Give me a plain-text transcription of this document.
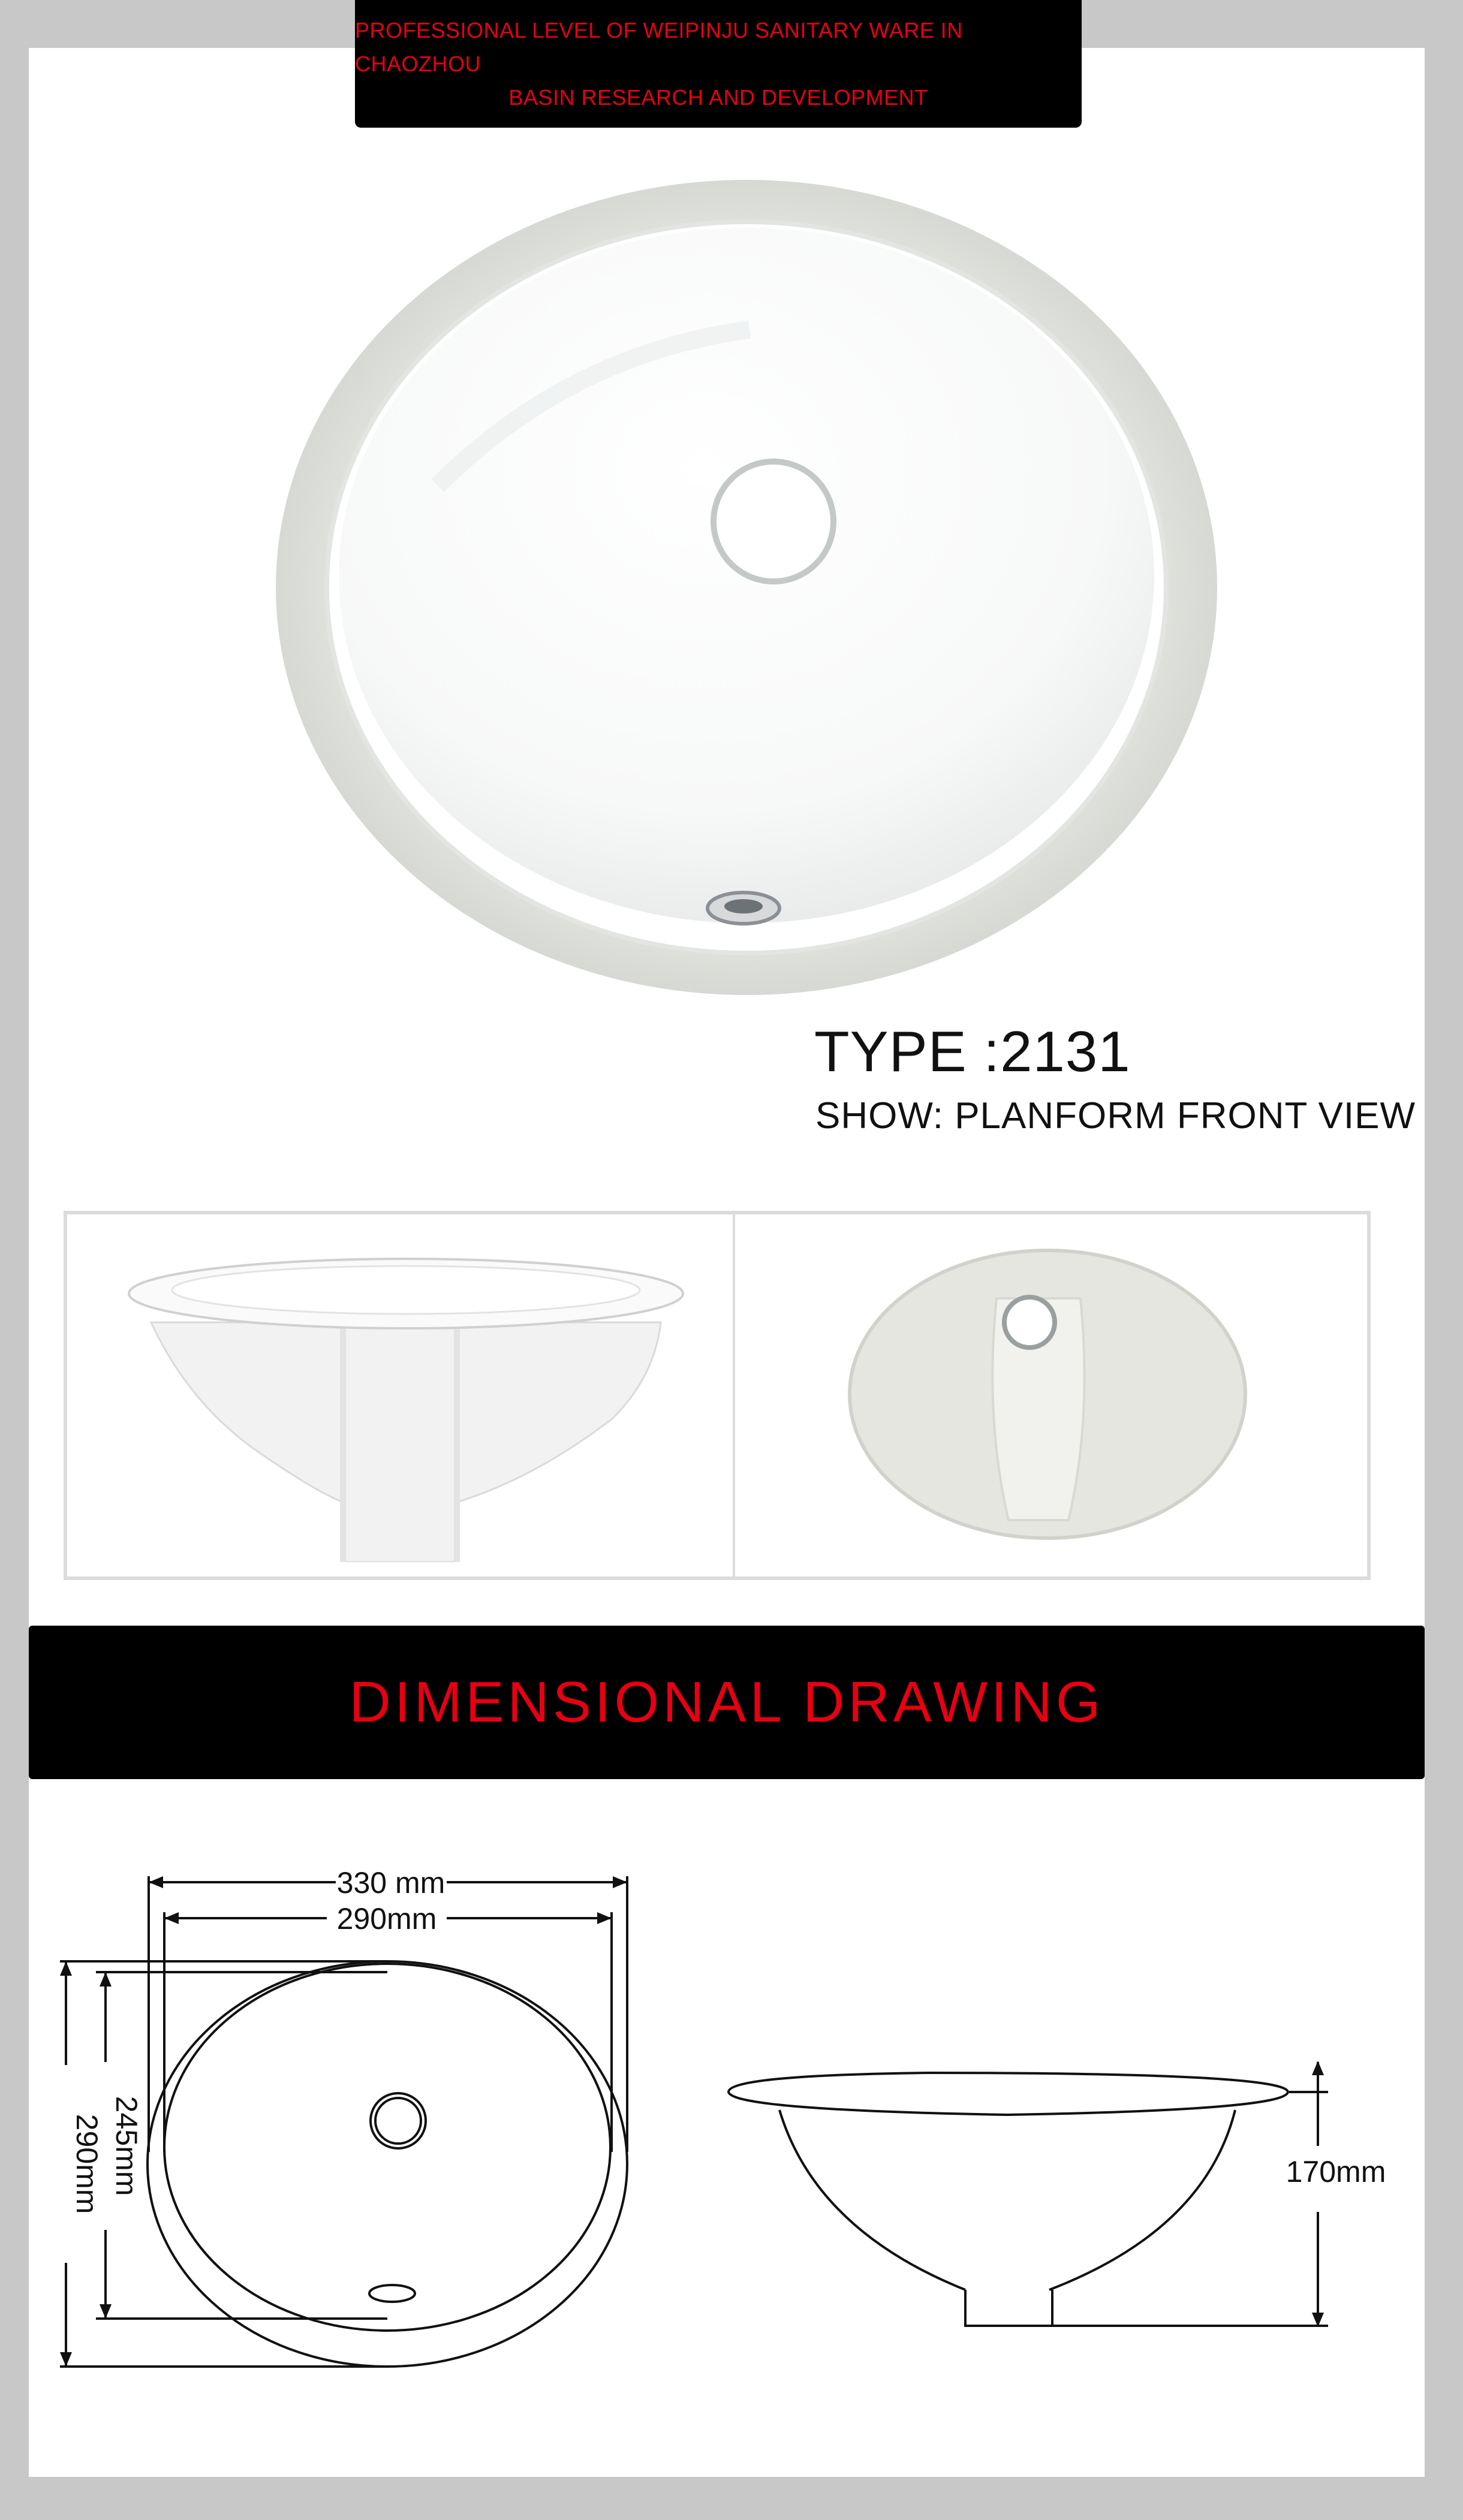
PROFESSIONAL LEVEL OF WEIPINJU SANITARY WARE IN CHAOZHOU
BASIN RESEARCH AND DEVELOPMENT
TYPE :2131
SHOW: PLANFORM FRONT VIEW
DIMENSIONAL DRAWING
330 mm
290mm
290mm 245mm	170mm
